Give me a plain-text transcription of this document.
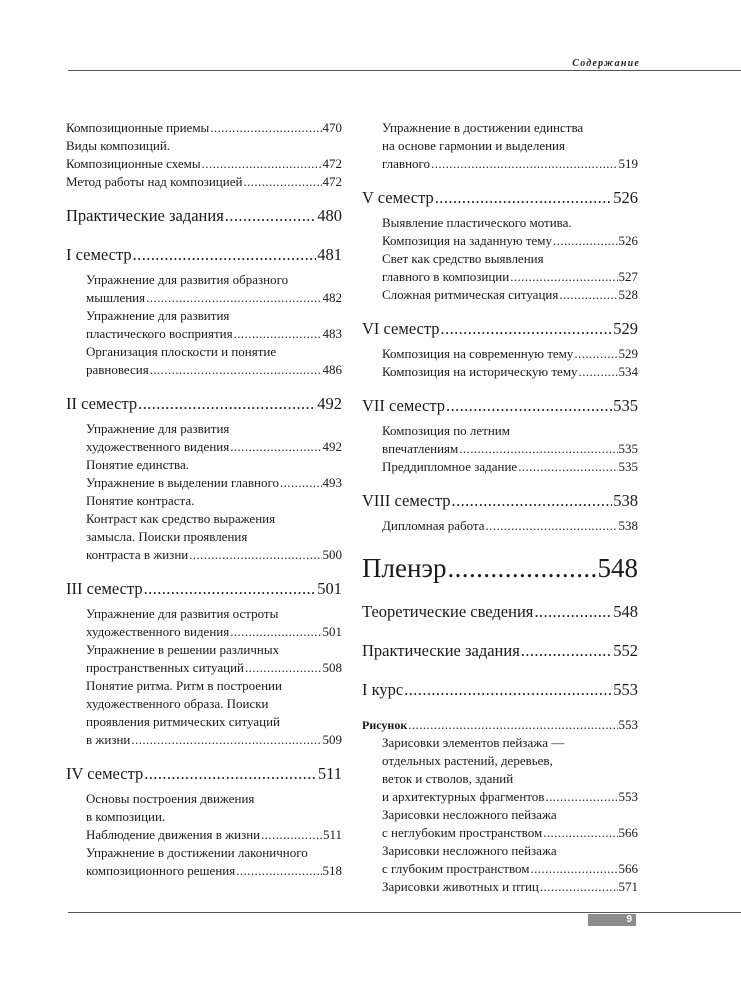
Содержание
Композиционные приемы .....	470
Виды композиций.
Композиционные схемы .....	472
Метод работы над композицией .....	472
Практические задания .....	480
I семестр .....	481
Упражнение для развития образного
мышления .....	482
Упражнение для развития
пластического восприятия .....	483
Организация плоскости и понятие
равновесия .....	486
II семестр .....	492
Упражнение для развития
художественного видения .....	492
Понятие единства.
Упражнение в выделении главного .....	493
Понятие контраста.
Контраст как средство выражения
замысла. Поиски проявления
контраста в жизни .....	500
III семестр .....	501
Упражнение для развития остроты
художественного видения .....	501
Упражнение в решении различных
пространственных ситуаций .....	508
Понятие ритма. Ритм в построении
художественного образа. Поиски
проявления ритмических ситуаций
в жизни .....	509
IV семестр .....	511
Основы построения движения
в композиции.
Наблюдение движения в жизни .....	511
Упражнение в достижении лаконичного
композиционного решения .....	518
Упражнение в достижении единства
на основе гармонии и выделения
главного .....	519
V семестр .....	526
Выявление пластического мотива.
Композиция на заданную тему .....	526
Свет как средство выявления
главного в композиции .....	527
Сложная ритмическая ситуация .....	528
VI семестр .....	529
Композиция на современную тему .....	529
Композиция на историческую тему .....	534
VII семестр .....	535
Композиция по летним
впечатлениям .....	535
Преддипломное задание .....	535
VIII семестр .....	538
Дипломная работа .....	538
Пленэр .....	548
Теоретические сведения .....	548
Практические задания .....	552
I курс .....	553
Рисунок .....	553
Зарисовки элементов пейзажа —
отдельных растений, деревьев,
веток и стволов, зданий
и архитектурных фрагментов .....	553
Зарисовки несложного пейзажа
с неглубоким пространством .....	566
Зарисовки несложного пейзажа
с глубоким пространством .....	566
Зарисовки животных и птиц .....	571
9
